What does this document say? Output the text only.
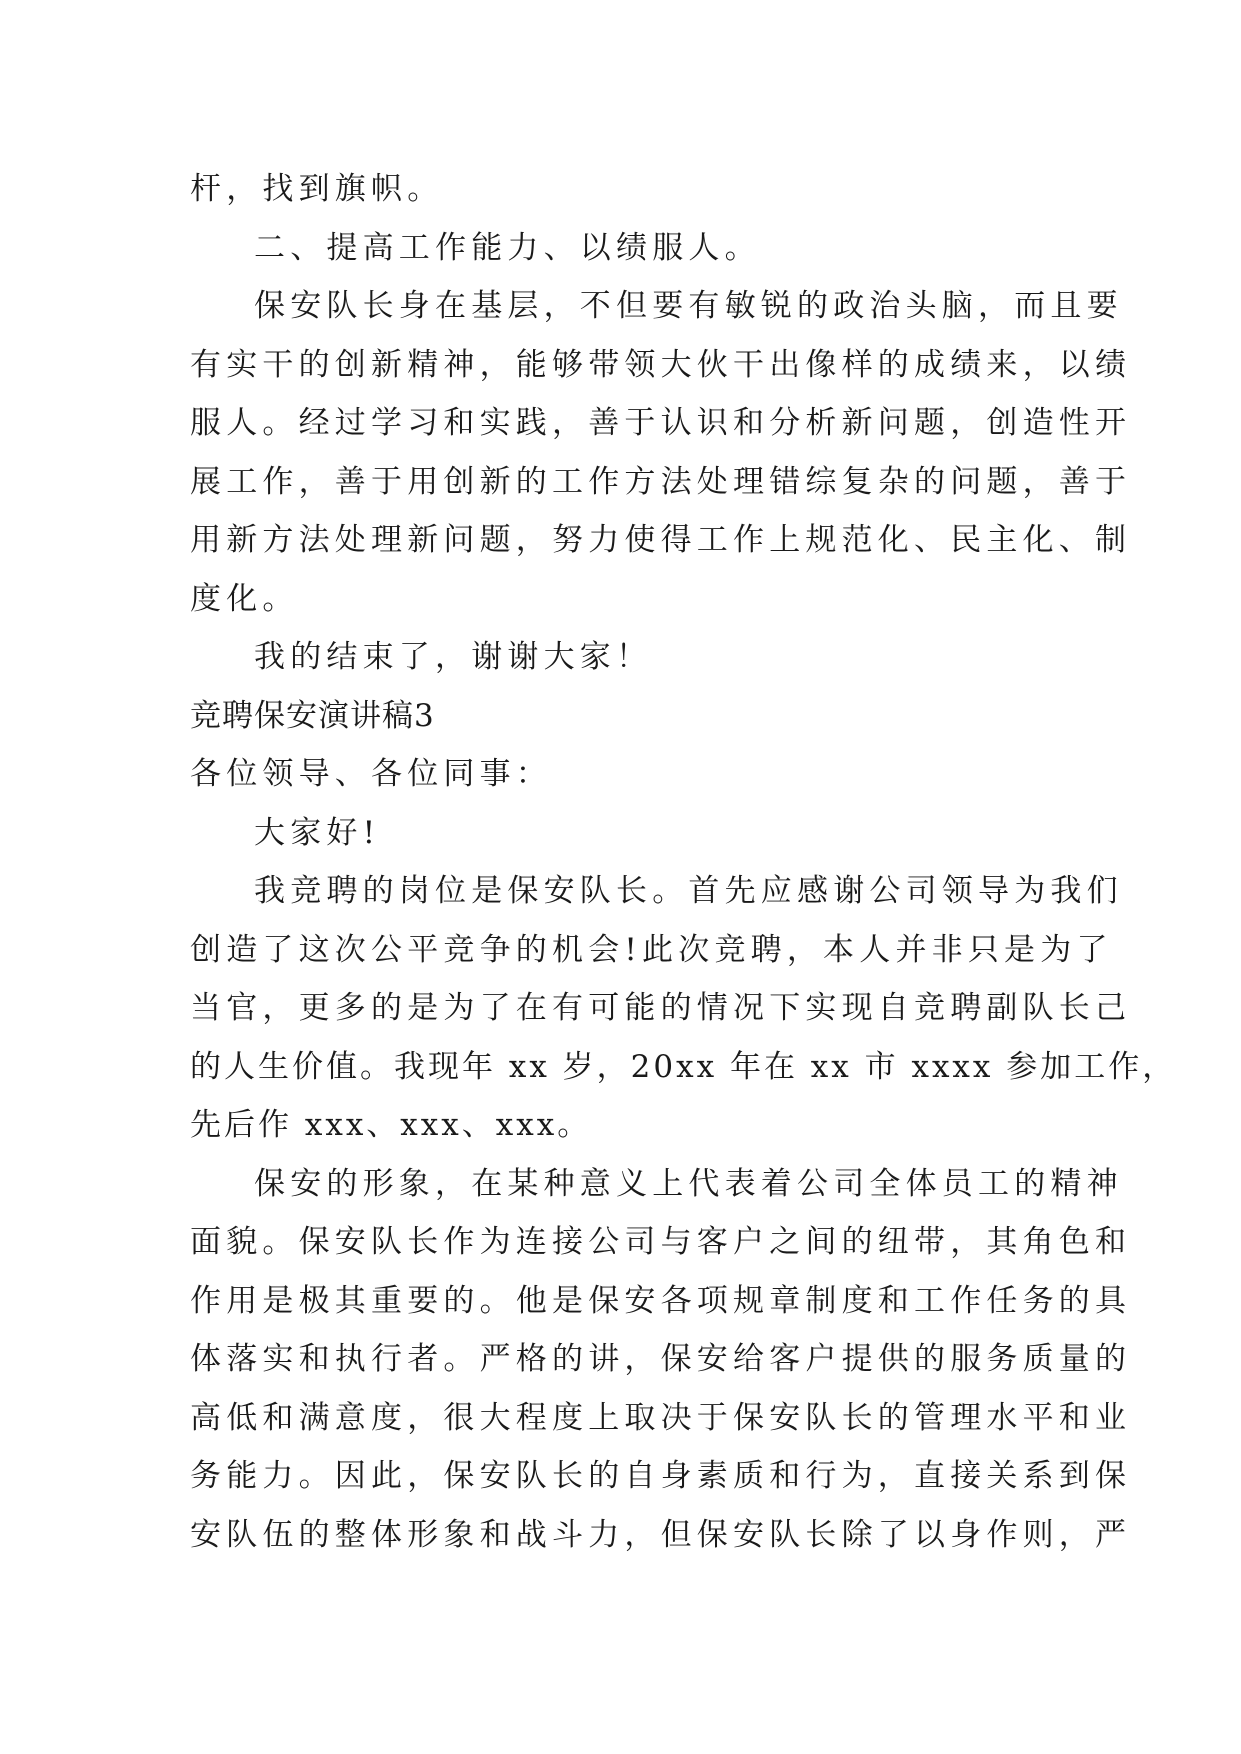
杆，找到旗帜。
二、提高工作能力、以绩服人。
保安队长身在基层，不但要有敏锐的政治头脑，而且要
有实干的创新精神，能够带领大伙干出像样的成绩来，以绩
服人。经过学习和实践，善于认识和分析新问题，创造性开
展工作，善于用创新的工作方法处理错综复杂的问题，善于
用新方法处理新问题，努力使得工作上规范化、民主化、制
度化。
我的结束了，谢谢大家！
竞聘保安演讲稿3
各位领导、各位同事：
大家好!
我竞聘的岗位是保安队长。首先应感谢公司领导为我们
创造了这次公平竞争的机会!此次竞聘，本人并非只是为了
当官，更多的是为了在有可能的情况下实现自竞聘副队长己
的人生价值。我现年 xx 岁，20xx 年在 xx 市 xxxx 参加工作，
先后作 xxx、xxx、xxx。
保安的形象，在某种意义上代表着公司全体员工的精神
面貌。保安队长作为连接公司与客户之间的纽带，其角色和
作用是极其重要的。他是保安各项规章制度和工作任务的具
体落实和执行者。严格的讲，保安给客户提供的服务质量的
高低和满意度，很大程度上取决于保安队长的管理水平和业
务能力。因此，保安队长的自身素质和行为，直接关系到保
安队伍的整体形象和战斗力，但保安队长除了以身作则，严
